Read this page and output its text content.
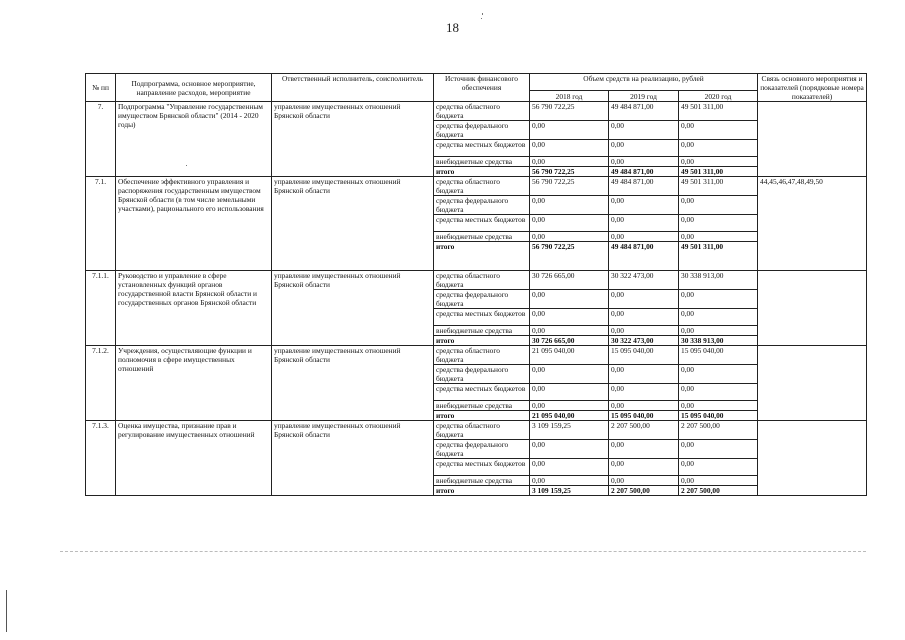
18
№ пп	Подпрограмма, основное мероприятие, направление расходов, мероприятие	Ответственный исполнитель, соисполнитель	Источник финансового обеспечения	Объем средств на реализацию, рублей			Связь основного мероприятия и показателей (порядковые номера показателей)
				2018 год	2019 год	2020 год	
7.	Подпрограмма "Управление государственным имуществом Брянской области" (2014 - 2020 годы)	управление имущественных отношений Брянской области	средства областного бюджета	56 790 722,25	49 484 871,00	49 501 311,00	
			средства федерального бюджета	0,00	0,00	0,00	
			средства местных бюджетов	0,00	0,00	0,00	
			внебюджетные средства	0,00	0,00	0,00	
			итого	56 790 722,25	49 484 871,00	49 501 311,00	
7.1.	Обеспечение эффективного управления и распоряжения государственным имуществом Брянской области (в том числе земельными участками), рационального его использования	управление имущественных отношений Брянской области	средства областного бюджета	56 790 722,25	49 484 871,00	49 501 311,00	44,45,46,47,48,49,50
			средства федерального бюджета	0,00	0,00	0,00	
			средства местных бюджетов	0,00	0,00	0,00	
			внебюджетные средства	0,00	0,00	0,00	
			итого	56 790 722,25	49 484 871,00	49 501 311,00	
7.1.1.	Руководство и управление в сфере установленных функций органов государственной власти Брянской области и государственных органов Брянской области	управление имущественных отношений Брянской области	средства областного бюджета	30 726 665,00	30 322 473,00	30 338 913,00	
			средства федерального бюджета	0,00	0,00	0,00	
			средства местных бюджетов	0,00	0,00	0,00	
			внебюджетные средства	0,00	0,00	0,00	
			итого	30 726 665,00	30 322 473,00	30 338 913,00	
7.1.2.	Учреждения, осуществляющие функции и полномочия в сфере имущественных отношений	управление имущественных отношений Брянской области	средства областного бюджета	21 095 040,00	15 095 040,00	15 095 040,00	
			средства федерального бюджета	0,00	0,00	0,00	
			средства местных бюджетов	0,00	0,00	0,00	
			внебюджетные средства	0,00	0,00	0,00	
			итого	21 095 040,00	15 095 040,00	15 095 040,00	
7.1.3.	Оценка имущества, признание прав и регулирование имущественных отношений	управление имущественных отношений Брянской области	средства областного бюджета	3 109 159,25	2 207 500,00	2 207 500,00	
			средства федерального бюджета	0,00	0,00	0,00	
			средства местных бюджетов	0,00	0,00	0,00	
			внебюджетные средства	0,00	0,00	0,00	
			итого	3 109 159,25	2 207 500,00	2 207 500,00	
